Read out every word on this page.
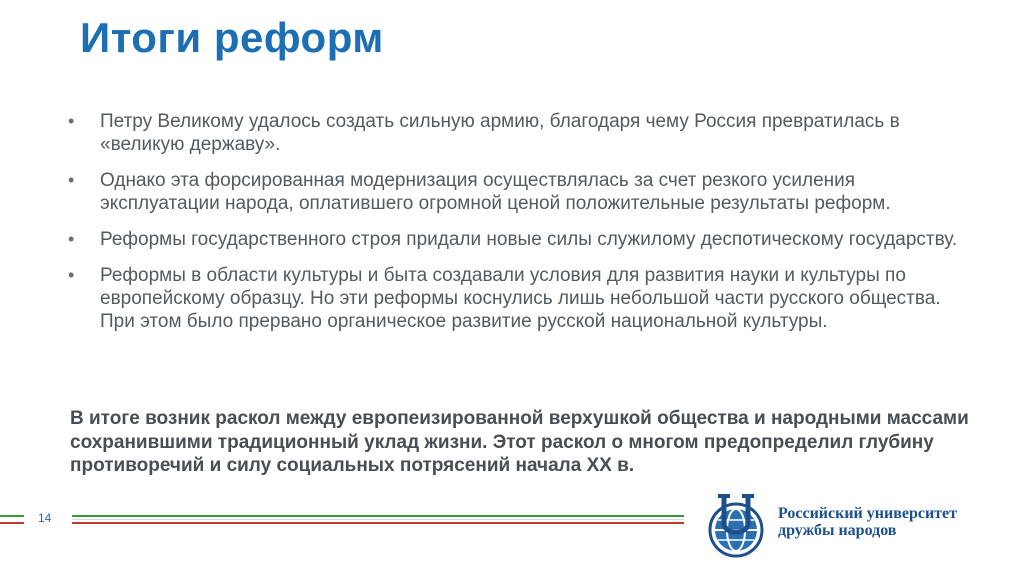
Итоги реформ
• Петру Великому удалось создать сильную армию, благодаря чему Россия превратилась в «великую державу».
• Однако эта форсированная модернизация осуществлялась за счет резкого усиления эксплуатации народа, оплатившего огромной ценой положительные результаты реформ.
• Реформы государственного строя придали новые силы служилому деспотическому государству.
• Реформы в области культуры и быта создавали условия для развития науки и культуры по европейскому образцу. Но эти реформы коснулись лишь небольшой части русского общества. При этом было прервано органическое развитие русской национальной культуры.
В итоге возник раскол между европеизированной верхушкой общества и народными массами сохранившими традиционный уклад жизни. Этот раскол о многом предопределил глубину противоречий и силу социальных потрясений начала XX в.
14	Российский университет
дружбы народов
